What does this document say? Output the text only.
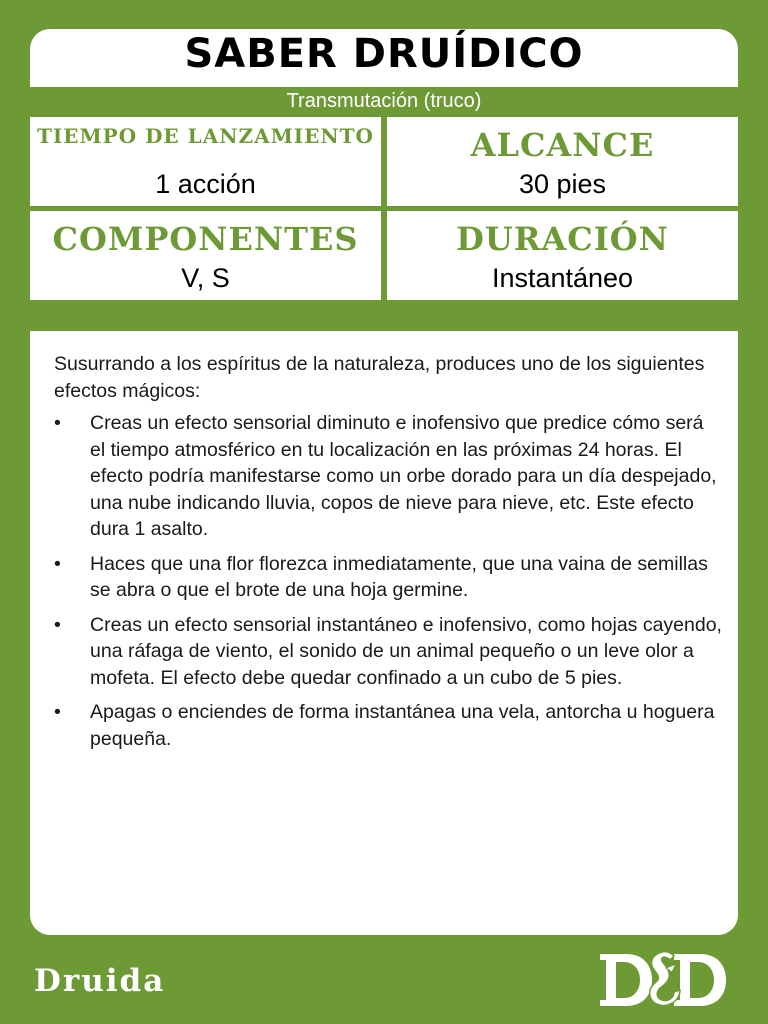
SABER DRUÍDICO
Transmutación (truco)
TIEMPO DE LANZAMIENTO
1 acción
ALCANCE
30 pies
COMPONENTES
V, S
DURACIÓN
Instantáneo

Susurrando a los espíritus de la naturaleza, produces uno de los siguientes efectos mágicos:

•	Creas un efecto sensorial diminuto e inofensivo que predice cómo será el tiempo atmosférico en tu localización en las próximas 24 horas. El efecto podría manifestarse como un orbe dorado para un día despejado, una nube indicando lluvia, copos de nieve para nieve, etc. Este efecto dura 1 asalto.
•	Haces que una flor florezca inmediatamente, que una vaina de semillas se abra o que el brote de una hoja germine.
•	Creas un efecto sensorial instantáneo e inofensivo, como hojas cayendo, una ráfaga de viento, el sonido de un animal pequeño o un leve olor a mofeta. El efecto debe quedar confinado a un cubo de 5 pies.
•	Apagas o enciendes de forma instantánea una vela, antorcha u hoguera pequeña.
Druida
